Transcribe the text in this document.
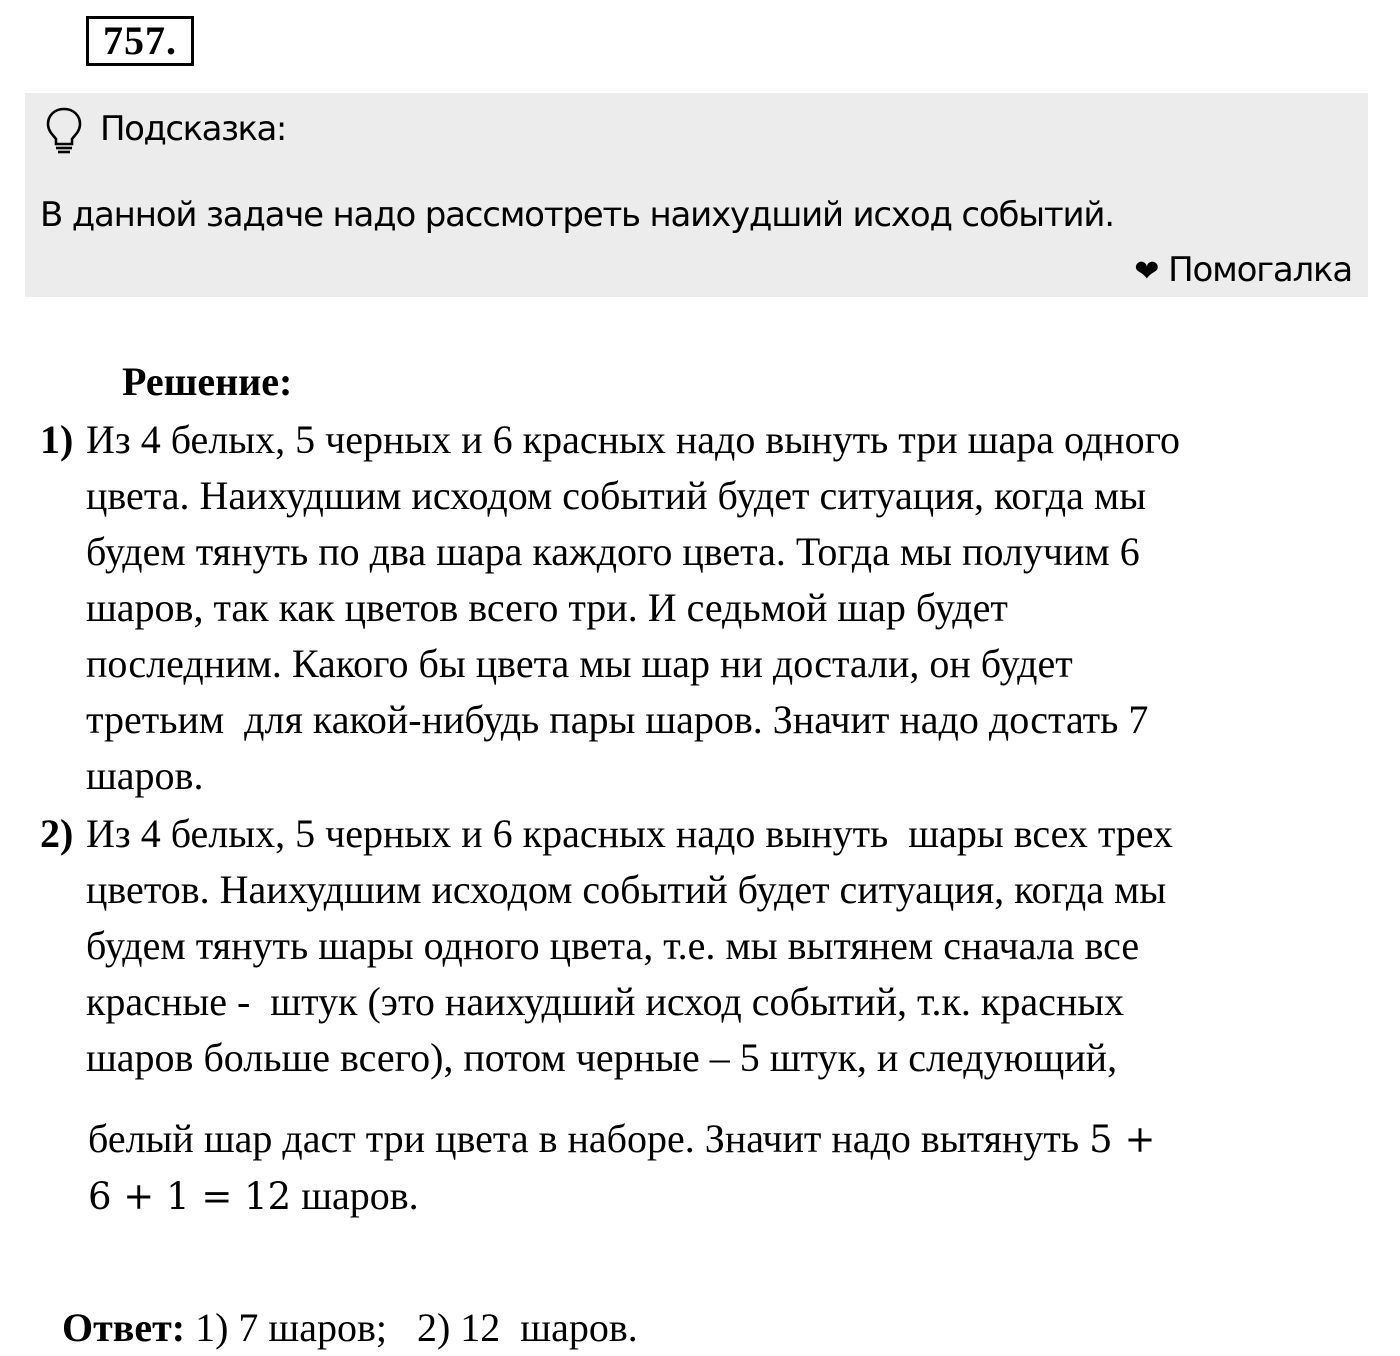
757.
Подсказка:
В данной задаче надо рассмотреть наихудший исход событий.
❤ Помогалка
Решение:
1) Из 4 белых, 5 черных и 6 красных надо вынуть три шара одного
цвета. Наихудшим исходом событий будет ситуация, когда мы
будем тянуть по два шара каждого цвета. Тогда мы получим 6
шаров, так как цветов всего три. И седьмой шар будет
последним. Какого бы цвета мы шар ни достали, он будет
третьим  для какой-нибудь пары шаров. Значит надо достать 7
шаров.
2) Из 4 белых, 5 черных и 6 красных надо вынуть  шары всех трех
цветов. Наихудшим исходом событий будет ситуация, когда мы
будем тянуть шары одного цвета, т.е. мы вытянем сначала все
красные -  штук (это наихудший исход событий, т.к. красных
шаров больше всего), потом черные – 5 штук, и следующий,
белый шар даст три цвета в наборе. Значит надо вытянуть 5 +
6 + 1 = 12 шаров.

Ответ: 1) 7 шаров;   2) 12  шаров.
